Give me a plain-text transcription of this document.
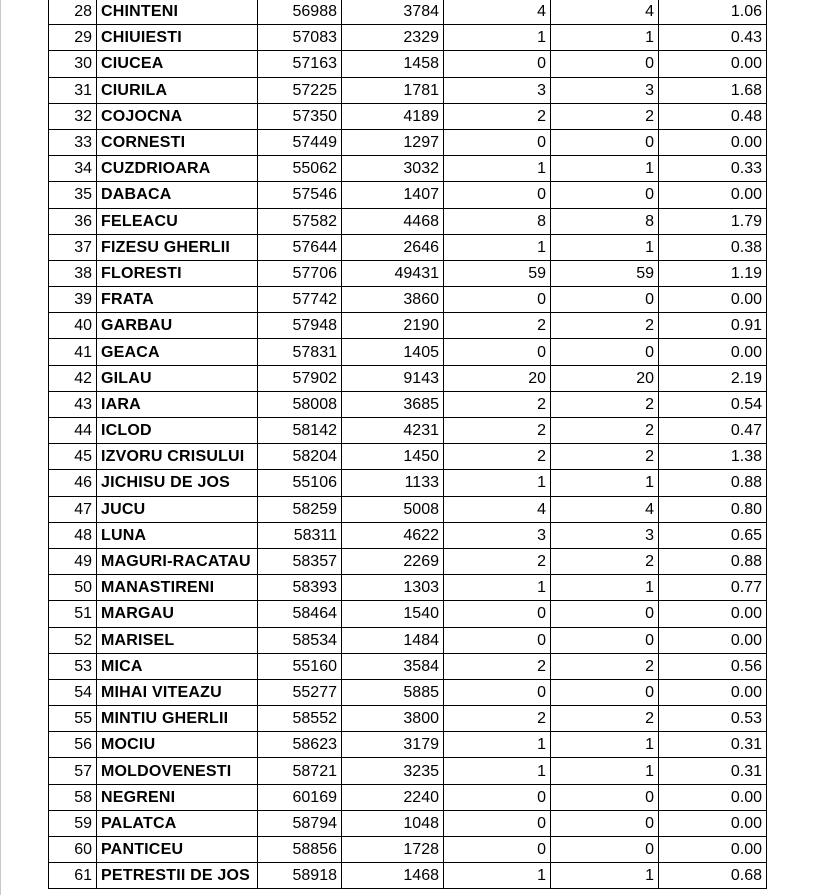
28	CHINTENI	56988	3784	4	4	1.06
29	CHIUIESTI	57083	2329	1	1	0.43
30	CIUCEA	57163	1458	0	0	0.00
31	CIURILA	57225	1781	3	3	1.68
32	COJOCNA	57350	4189	2	2	0.48
33	CORNESTI	57449	1297	0	0	0.00
34	CUZDRIOARA	55062	3032	1	1	0.33
35	DABACA	57546	1407	0	0	0.00
36	FELEACU	57582	4468	8	8	1.79
37	FIZESU GHERLII	57644	2646	1	1	0.38
38	FLORESTI	57706	49431	59	59	1.19
39	FRATA	57742	3860	0	0	0.00
40	GARBAU	57948	2190	2	2	0.91
41	GEACA	57831	1405	0	0	0.00
42	GILAU	57902	9143	20	20	2.19
43	IARA	58008	3685	2	2	0.54
44	ICLOD	58142	4231	2	2	0.47
45	IZVORU CRISULUI	58204	1450	2	2	1.38
46	JICHISU DE JOS	55106	1133	1	1	0.88
47	JUCU	58259	5008	4	4	0.80
48	LUNA	58311	4622	3	3	0.65
49	MAGURI-RACATAU	58357	2269	2	2	0.88
50	MANASTIRENI	58393	1303	1	1	0.77
51	MARGAU	58464	1540	0	0	0.00
52	MARISEL	58534	1484	0	0	0.00
53	MICA	55160	3584	2	2	0.56
54	MIHAI VITEAZU	55277	5885	0	0	0.00
55	MINTIU GHERLII	58552	3800	2	2	0.53
56	MOCIU	58623	3179	1	1	0.31
57	MOLDOVENESTI	58721	3235	1	1	0.31
58	NEGRENI	60169	2240	0	0	0.00
59	PALATCA	58794	1048	0	0	0.00
60	PANTICEU	58856	1728	0	0	0.00
61	PETRESTII DE JOS	58918	1468	1	1	0.68
